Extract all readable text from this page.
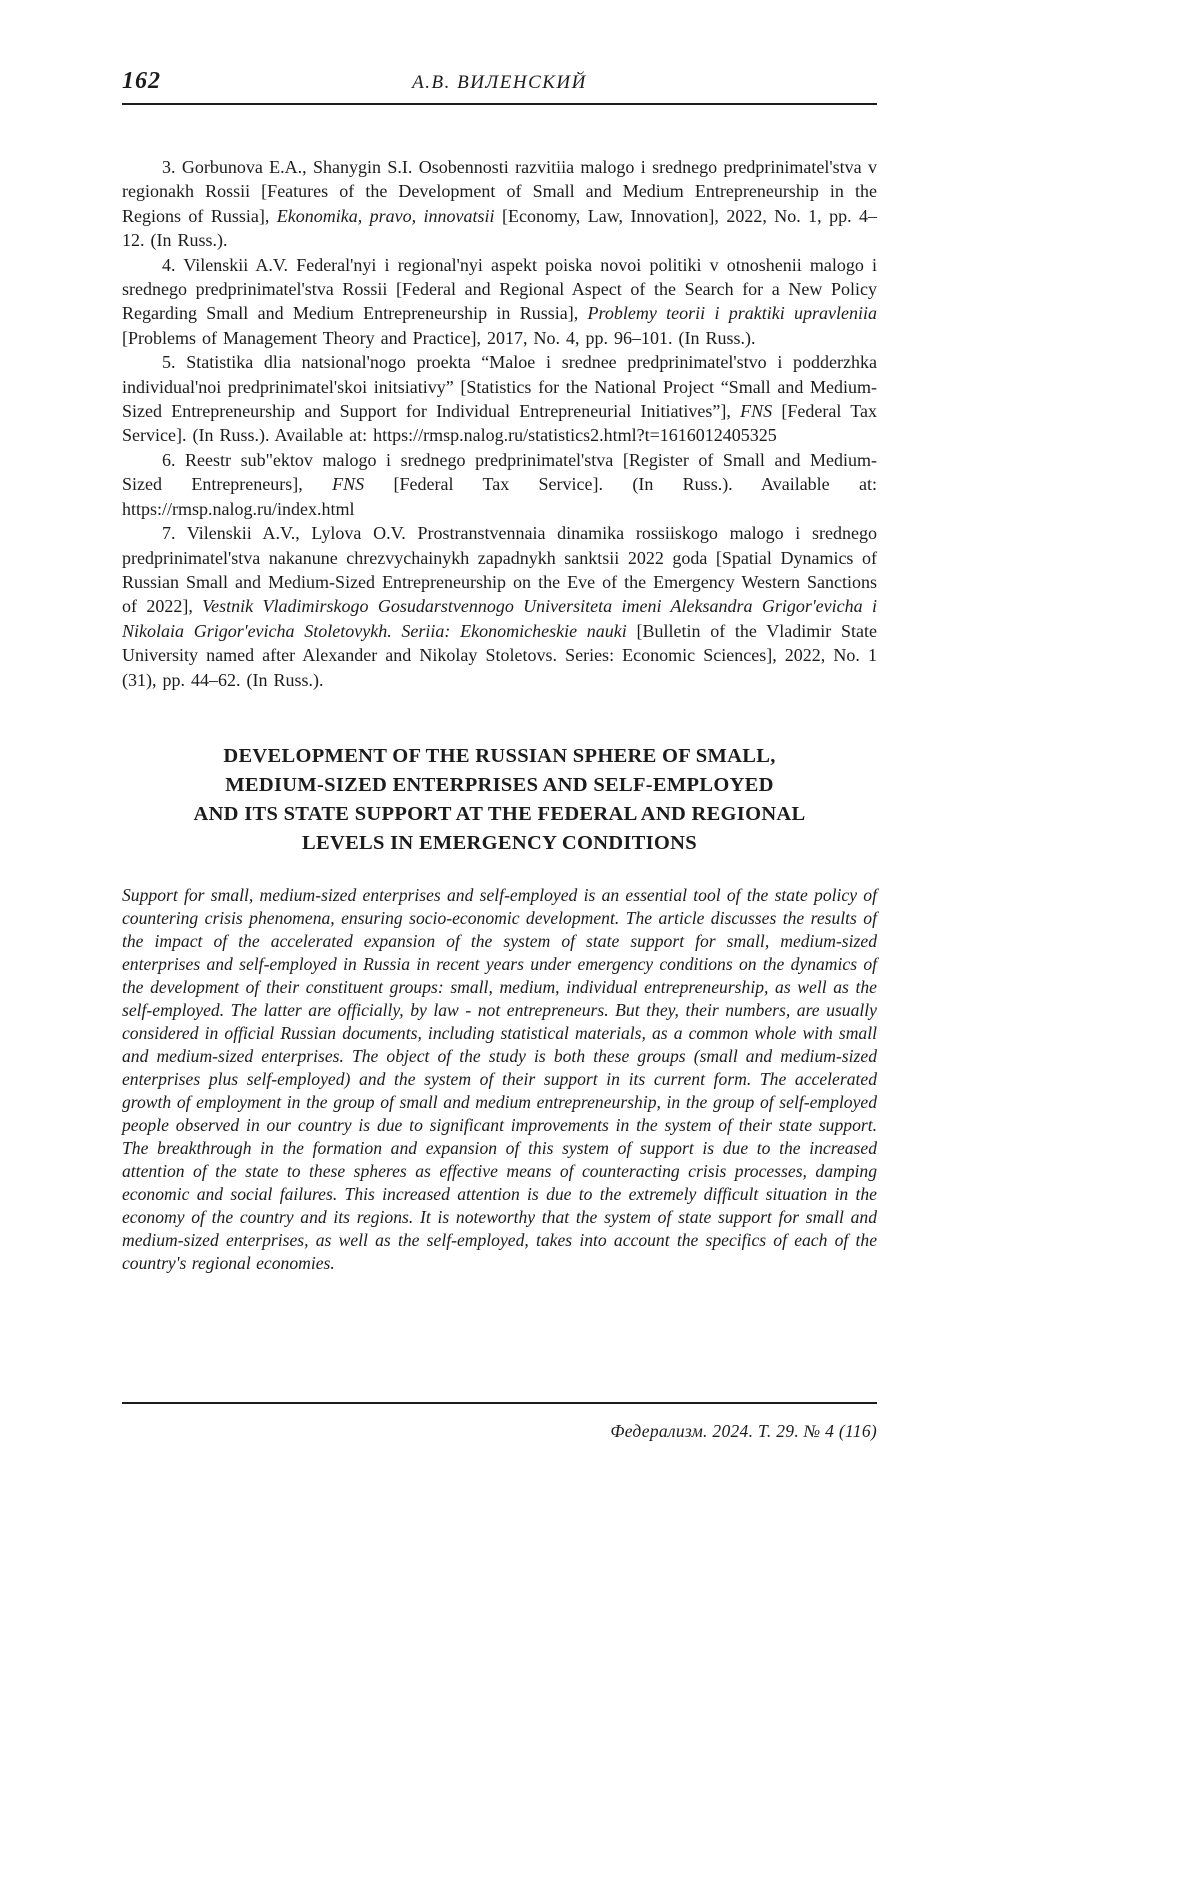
162	А.В. ВИЛЕНСКИЙ

3. Gorbunova E.A., Shanygin S.I. Osobennosti razvitiia malogo i srednego predprinimatel'stva v regionakh Rossii [Features of the Development of Small and Medium Entrepreneurship in the Regions of Russia], Ekonomika, pravo, innovatsii [Economy, Law, Innovation], 2022, No. 1, pp. 4–12. (In Russ.).

4. Vilenskii A.V. Federal'nyi i regional'nyi aspekt poiska novoi politiki v otnoshenii malogo i srednego predprinimatel'stva Rossii [Federal and Regional Aspect of the Search for a New Policy Regarding Small and Medium Entrepreneurship in Russia], Problemy teorii i praktiki upravleniia [Problems of Management Theory and Practice], 2017, No. 4, pp. 96–101. (In Russ.).

5. Statistika dlia natsional'nogo proekta “Maloe i srednee predprinimatel'stvo i podderzhka individual'noi predprinimatel'skoi initsiativy” [Statistics for the National Project “Small and Medium-Sized Entrepreneurship and Support for Individual Entrepreneurial Initiatives”], FNS [Federal Tax Service]. (In Russ.). Available at: https://rmsp.nalog.ru/statistics2.html?t=1616012405325

6. Reestr sub"ektov malogo i srednego predprinimatel'stva [Register of Small and Medium-Sized Entrepreneurs], FNS [Federal Tax Service]. (In Russ.). Available at: https://rmsp.nalog.ru/index.html

7. Vilenskii A.V., Lylova O.V. Prostranstvennaia dinamika rossiiskogo malogo i srednego predprinimatel'stva nakanune chrezvychainykh zapadnykh sanktsii 2022 goda [Spatial Dynamics of Russian Small and Medium-Sized Entrepreneurship on the Eve of the Emergency Western Sanctions of 2022], Vestnik Vladimirskogo Gosudarstvennogo Universiteta imeni Aleksandra Grigor'evicha i Nikolaia Grigor'evicha Stoletovykh. Seriia: Ekonomicheskie nauki [Bulletin of the Vladimir State University named after Alexander and Nikolay Stoletovs. Series: Economic Sciences], 2022, No. 1 (31), pp. 44–62. (In Russ.).

DEVELOPMENT OF THE RUSSIAN SPHERE OF SMALL,
MEDIUM-SIZED ENTERPRISES AND SELF-EMPLOYED
AND ITS STATE SUPPORT AT THE FEDERAL AND REGIONAL
LEVELS IN EMERGENCY CONDITIONS

Support for small, medium-sized enterprises and self-employed is an essential tool of the state policy of countering crisis phenomena, ensuring socio-economic development. The article discusses the results of the impact of the accelerated expansion of the system of state support for small, medium-sized enterprises and self-employed in Russia in recent years under emergency conditions on the dynamics of the development of their constituent groups: small, medium, individual entrepreneurship, as well as the self-employed. The latter are officially, by law - not entrepreneurs. But they, their numbers, are usually considered in official Russian documents, including statistical materials, as a common whole with small and medium-sized enterprises. The object of the study is both these groups (small and medium-sized enterprises plus self-employed) and the system of their support in its current form. The accelerated growth of employment in the group of small and medium entrepreneurship, in the group of self-employed people observed in our country is due to significant improvements in the system of their state support. The breakthrough in the formation and expansion of this system of support is due to the increased attention of the state to these spheres as effective means of counteracting crisis processes, damping economic and social failures. This increased attention is due to the extremely difficult situation in the economy of the country and its regions. It is noteworthy that the system of state support for small and medium-sized enterprises, as well as the self-employed, takes into account the specifics of each of the country's regional economies.

Федерализм. 2024. Т. 29. № 4 (116)
